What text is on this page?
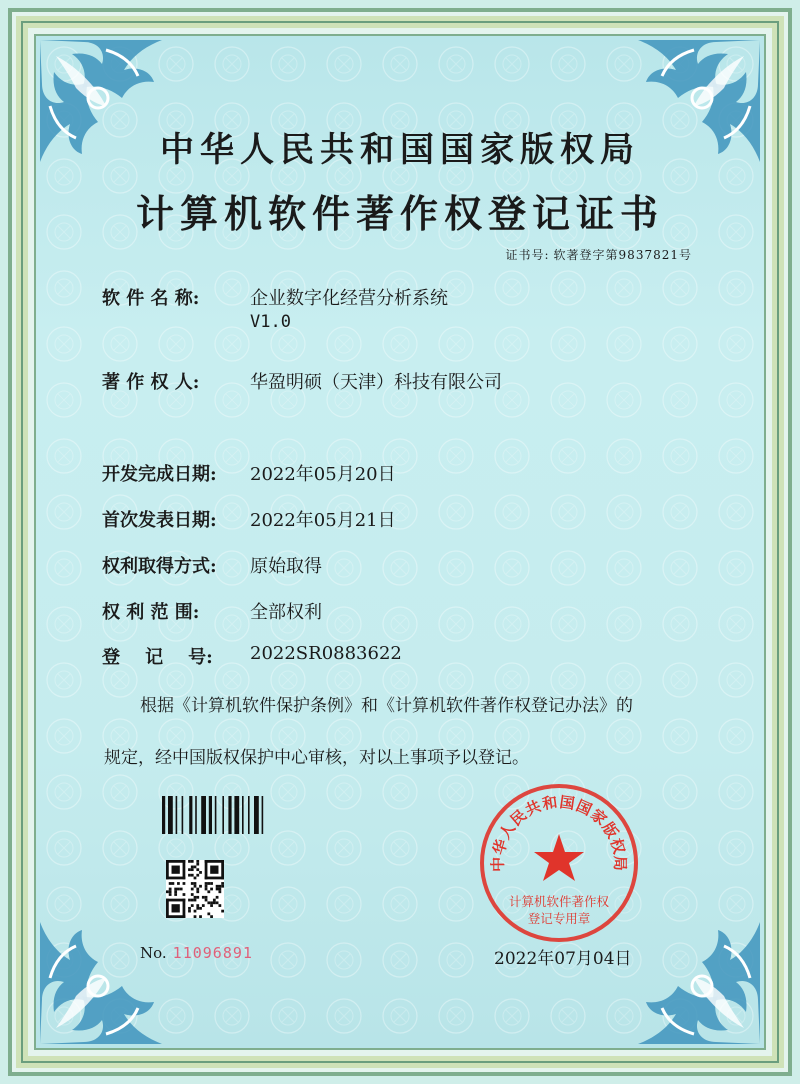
中华人民共和国国家版权局
计算机软件著作权登记证书
证书号: 软著登字第9837821号
软 件 名 称:	企业数字化经营分析系统
V1.0
著 作 权 人:	华盈明硕（天津）科技有限公司
开发完成日期:	2022年05月20日
首次发表日期:	2022年05月21日
权利取得方式:	原始取得
权 利 范 围:	全部权利
登    记    号:	2022SR0883622
根据《计算机软件保护条例》和《计算机软件著作权登记办法》的
规定，经中国版权保护中心审核，对以上事项予以登记。
No. 11096891	2022年07月04日
中华人民共和国国家版权局
计算机软件著作权
登记专用章
